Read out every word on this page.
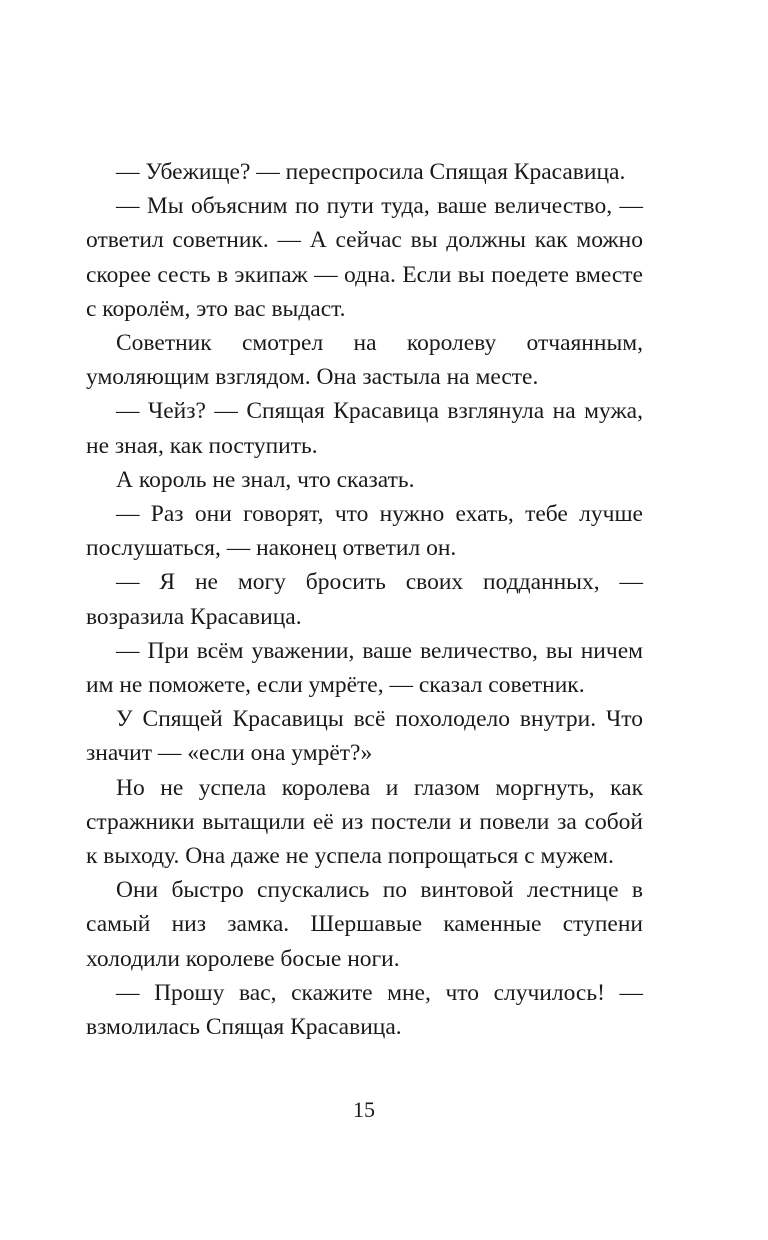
— Убежище? — переспросила Спящая Красавица.

— Мы объясним по пути туда, ваше величество, — ответил советник. — А сейчас вы должны как можно скорее сесть в экипаж — одна. Если вы поедете вместе с королём, это вас выдаст.

Советник смотрел на королеву отчаянным, умоляющим взглядом. Она застыла на месте.

— Чейз? — Спящая Красавица взглянула на мужа, не зная, как поступить.

А король не знал, что сказать.

— Раз они говорят, что нужно ехать, тебе лучше послушаться, — наконец ответил он.

— Я не могу бросить своих подданных, — возразила Красавица.

— При всём уважении, ваше величество, вы ничем им не поможете, если умрёте, — сказал советник.

У Спящей Красавицы всё похолодело внутри. Что значит — «если она умрёт?»

Но не успела королева и глазом моргнуть, как стражники вытащили её из постели и повели за собой к выходу. Она даже не успела попрощаться с мужем.

Они быстро спускались по винтовой лестнице в самый низ замка. Шершавые каменные ступени холодили королеве босые ноги.

— Прошу вас, скажите мне, что случилось! — взмолилась Спящая Красавица.

15
